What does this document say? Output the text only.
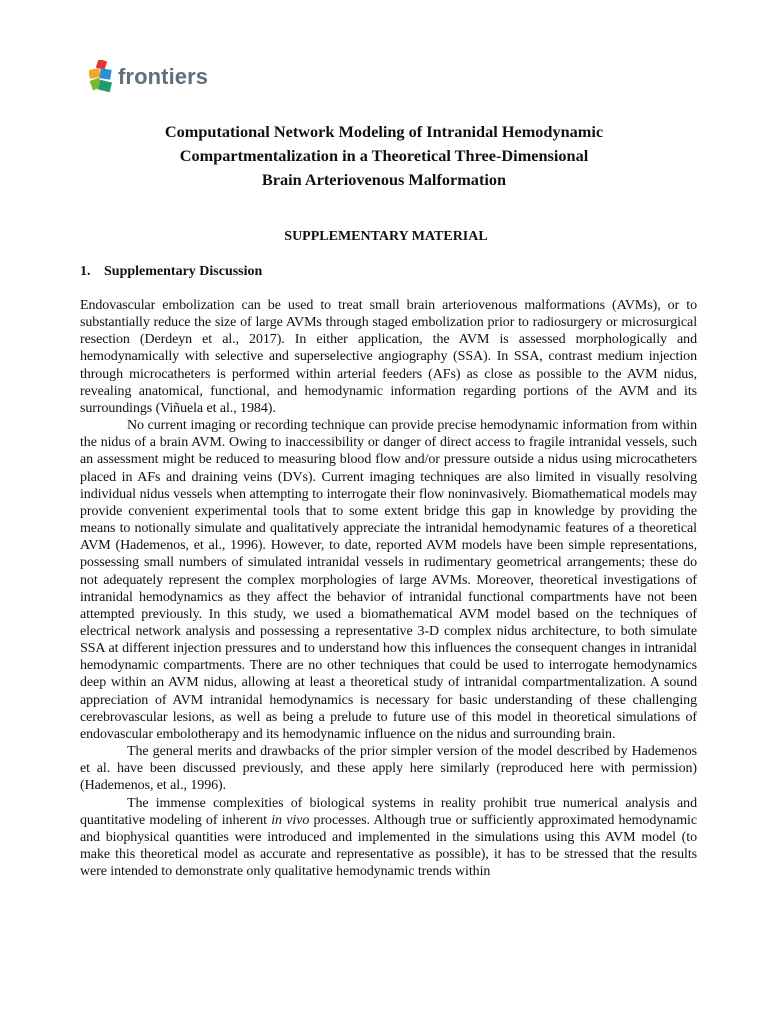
frontiers
Computational Network Modeling of Intranidal Hemodynamic
Compartmentalization in a Theoretical Three-Dimensional
Brain Arteriovenous Malformation
SUPPLEMENTARY MATERIAL
1. Supplementary Discussion

Endovascular embolization can be used to treat small brain arteriovenous malformations (AVMs), or to substantially reduce the size of large AVMs through staged embolization prior to radiosurgery or microsurgical resection (Derdeyn et al., 2017). In either application, the AVM is assessed morphologically and hemodynamically with selective and superselective angiography (SSA). In SSA, contrast medium injection through microcatheters is performed within arterial feeders (AFs) as close as possible to the AVM nidus, revealing anatomical, functional, and hemodynamic information regarding portions of the AVM and its surroundings (Viñuela et al., 1984).

No current imaging or recording technique can provide precise hemodynamic information from within the nidus of a brain AVM. Owing to inaccessibility or danger of direct access to fragile intranidal vessels, such an assessment might be reduced to measuring blood flow and/or pressure outside a nidus using microcatheters placed in AFs and draining veins (DVs). Current imaging techniques are also limited in visually resolving individual nidus vessels when attempting to interrogate their flow noninvasively. Biomathematical models may provide convenient experimental tools that to some extent bridge this gap in knowledge by providing the means to notionally simulate and qualitatively appreciate the intranidal hemodynamic features of a theoretical AVM (Hademenos, et al., 1996). However, to date, reported AVM models have been simple representations, possessing small numbers of simulated intranidal vessels in rudimentary geometrical arrangements; these do not adequately represent the complex morphologies of large AVMs. Moreover, theoretical investigations of intranidal hemodynamics as they affect the behavior of intranidal functional compartments have not been attempted previously. In this study, we used a biomathematical AVM model based on the techniques of electrical network analysis and possessing a representative 3-D complex nidus architecture, to both simulate SSA at different injection pressures and to understand how this influences the consequent changes in intranidal hemodynamic compartments. There are no other techniques that could be used to interrogate hemodynamics deep within an AVM nidus, allowing at least a theoretical study of intranidal compartmentalization. A sound appreciation of AVM intranidal hemodynamics is necessary for basic understanding of these challenging cerebrovascular lesions, as well as being a prelude to future use of this model in theoretical simulations of endovascular embolotherapy and its hemodynamic influence on the nidus and surrounding brain.

The general merits and drawbacks of the prior simpler version of the model described by Hademenos et al. have been discussed previously, and these apply here similarly (reproduced here with permission) (Hademenos, et al., 1996).

The immense complexities of biological systems in reality prohibit true numerical analysis and quantitative modeling of inherent in vivo processes. Although true or sufficiently approximated hemodynamic and biophysical quantities were introduced and implemented in the simulations using this AVM model (to make this theoretical model as accurate and representative as possible), it has to be stressed that the results were intended to demonstrate only qualitative hemodynamic trends within
